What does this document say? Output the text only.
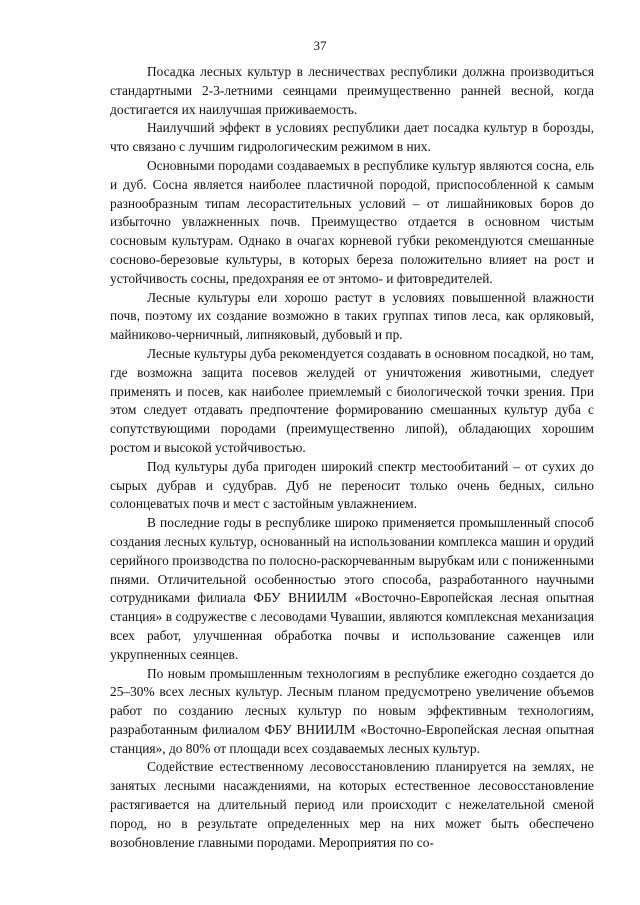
37

Посадка лесных культур в лесничествах республики должна производиться стандартными 2-3-летними сеянцами преимущественно ранней весной, когда достигается их наилучшая приживаемость.

Наилучший эффект в условиях республики дает посадка культур в борозды, что связано с лучшим гидрологическим режимом в них.

Основными породами создаваемых в республике культур являются сосна, ель и дуб. Сосна является наиболее пластичной породой, приспособленной к самым разнообразным типам лесорастительных условий – от лишайниковых боров до избыточно увлажненных почв. Преимущество отдается в основном чистым сосновым культурам. Однако в очагах корневой губки рекомендуются смешанные сосново-березовые культуры, в которых береза положительно влияет на рост и устойчивость сосны, предохраняя ее от энтомо- и фитовредителей.

Лесные культуры ели хорошо растут в условиях повышенной влажности почв, поэтому их создание возможно в таких группах типов леса, как орляковый, майниково-черничный, липняковый, дубовый и пр.

Лесные культуры дуба рекомендуется создавать в основном посадкой, но там, где возможна защита посевов желудей от уничтожения животными, следует применять и посев, как наиболее приемлемый с биологической точки зрения. При этом следует отдавать предпочтение формированию смешанных культур дуба с сопутствующими породами (преимущественно липой), обладающих хорошим ростом и высокой устойчивостью.

Под культуры дуба пригоден широкий спектр местообитаний – от сухих до сырых дубрав и судубрав. Дуб не переносит только очень бедных, сильно солонцеватых почв и мест с застойным увлажнением.

В последние годы в республике широко применяется промышленный способ создания лесных культур, основанный на использовании комплекса машин и орудий серийного производства по полосно-раскорчеванным вырубкам или с пониженными пнями. Отличительной особенностью этого способа, разработанного научными сотрудниками филиала ФБУ ВНИИЛМ «Восточно-Европейская лесная опытная станция» в содружестве с лесоводами Чувашии, являются комплексная механизация всех работ, улучшенная обработка почвы и использование саженцев или укрупненных сеянцев.

По новым промышленным технологиям в республике ежегодно создается до 25–30% всех лесных культур. Лесным планом предусмотрено увеличение объемов работ по созданию лесных культур по новым эффективным технологиям, разработанным филиалом ФБУ ВНИИЛМ «Восточно-Европейская лесная опытная станция», до 80% от площади всех создаваемых лесных культур.

Содействие естественному лесовосстановлению планируется на землях, не занятых лесными насаждениями, на которых естественное лесовосстановление растягивается на длительный период или происходит с нежелательной сменой пород, но в результате определенных мер на них может быть обеспечено возобновление главными породами. Мероприятия по со-
